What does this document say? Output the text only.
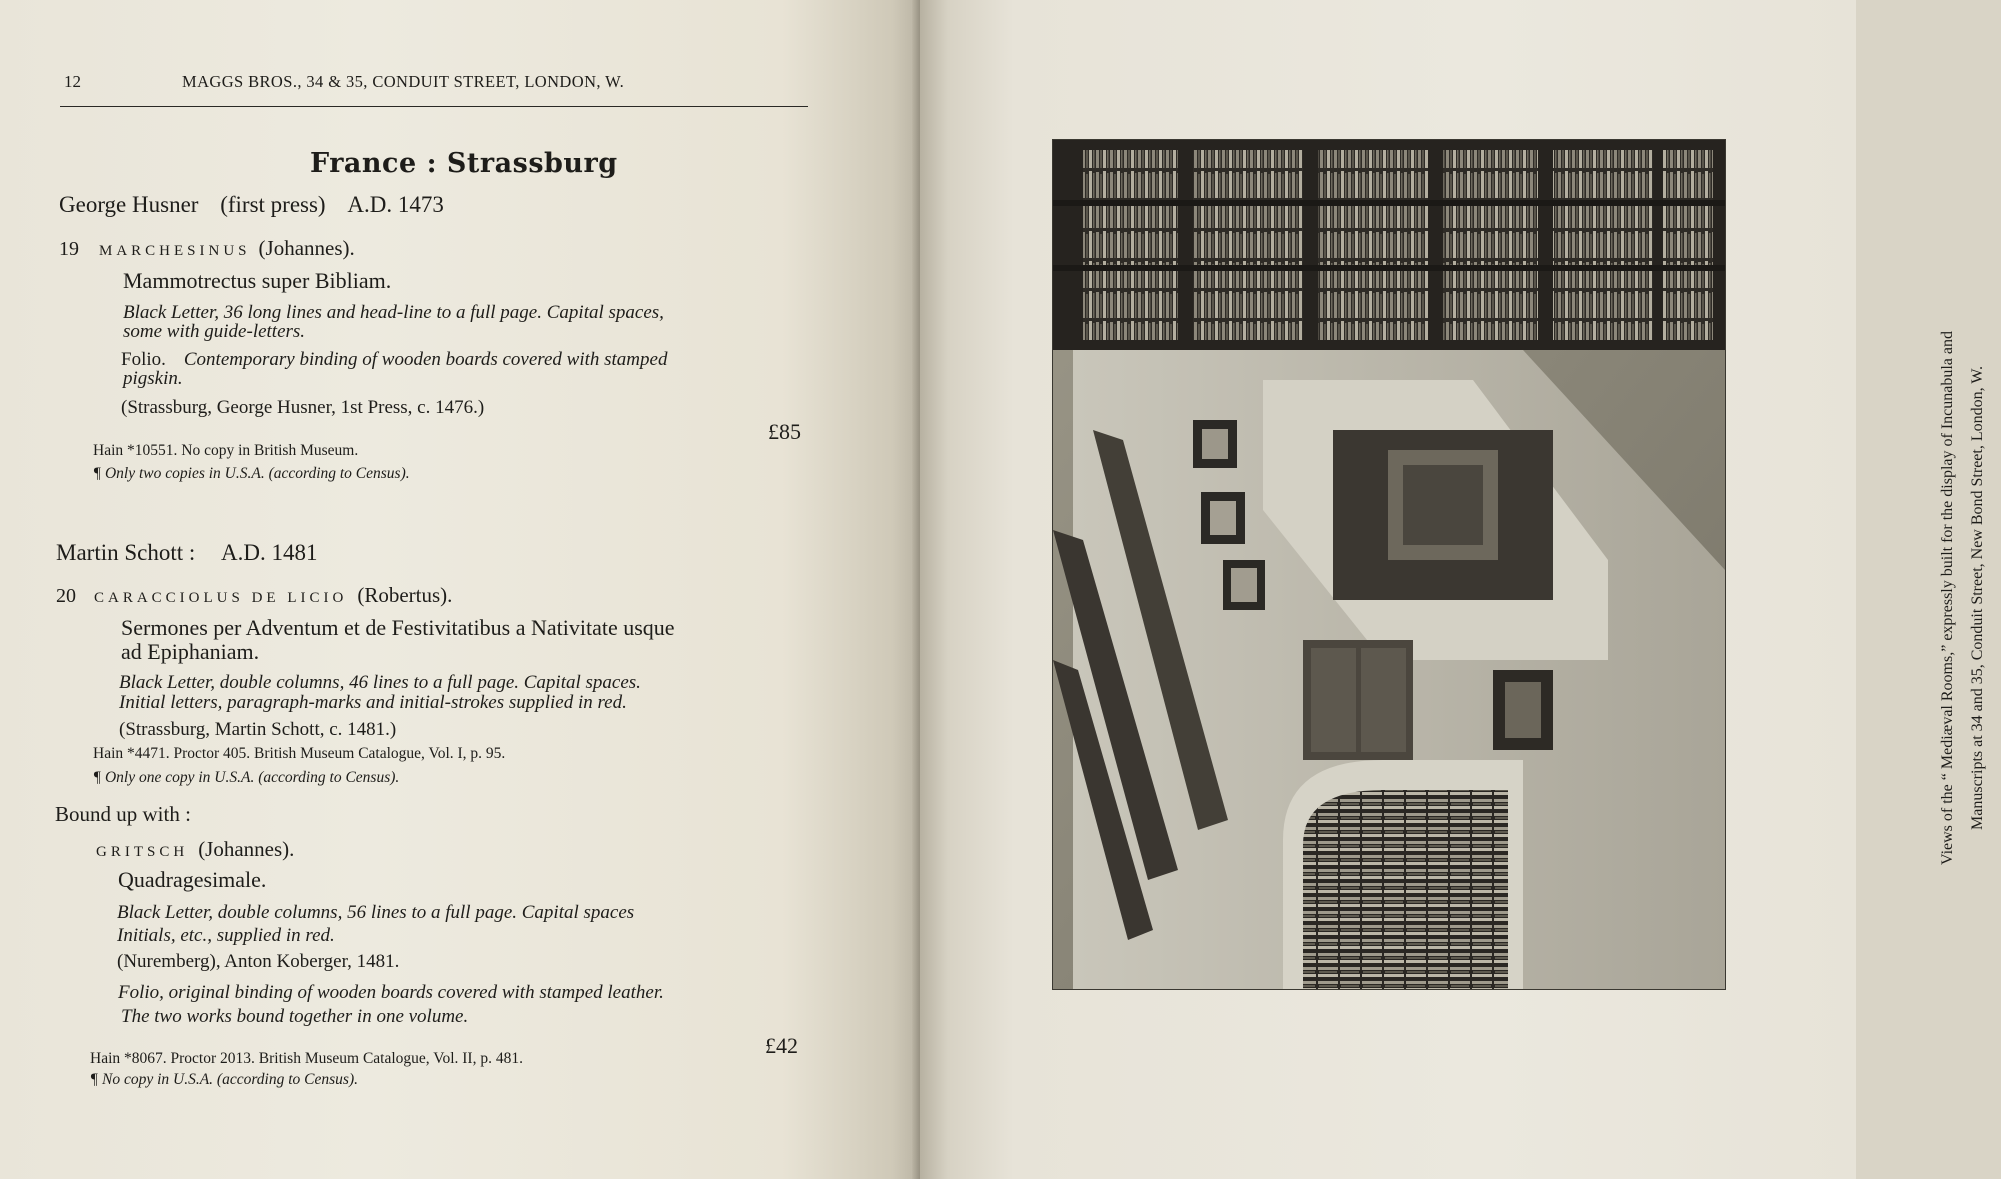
12	MAGGS BROS., 34 & 35, CONDUIT STREET, LONDON, W.
France : Strassburg
George Husner (first press) A.D. 1473
19 MARCHESINUS (Johannes).
Mammotrectus super Bibliam.
Black Letter, 36 long lines and head-line to a full page. Capital spaces,
some with guide-letters.
Folio. Contemporary binding of wooden boards covered with stamped
pigskin.
(Strassburg, George Husner, 1st Press, c. 1476.)
£85
Hain *10551. No copy in British Museum.
¶ Only two copies in U.S.A. (according to Census).
Martin Schott : A.D. 1481
20 CARACCIOLUS DE LICIO (Robertus).
Sermones per Adventum et de Festivitatibus a Nativitate usque
ad Epiphaniam.
Black Letter, double columns, 46 lines to a full page. Capital spaces.
Initial letters, paragraph-marks and initial-strokes supplied in red.
(Strassburg, Martin Schott, c. 1481.)
Hain *4471. Proctor 405. British Museum Catalogue, Vol. I, p. 95.
¶ Only one copy in U.S.A. (according to Census).
Bound up with :
GRITSCH (Johannes).
Quadragesimale.
Black Letter, double columns, 56 lines to a full page. Capital spaces
Initials, etc., supplied in red.
(Nuremberg), Anton Koberger, 1481.
Folio, original binding of wooden boards covered with stamped leather.
The two works bound together in one volume.
£42
Hain *8067. Proctor 2013. British Museum Catalogue, Vol. II, p. 481.
¶ No copy in U.S.A. (according to Census).
Views of the “ Mediæval Rooms,” expressly built for the display of Incunabula and Manuscripts at 34 and 35, Conduit Street, New Bond Street, London, W.
